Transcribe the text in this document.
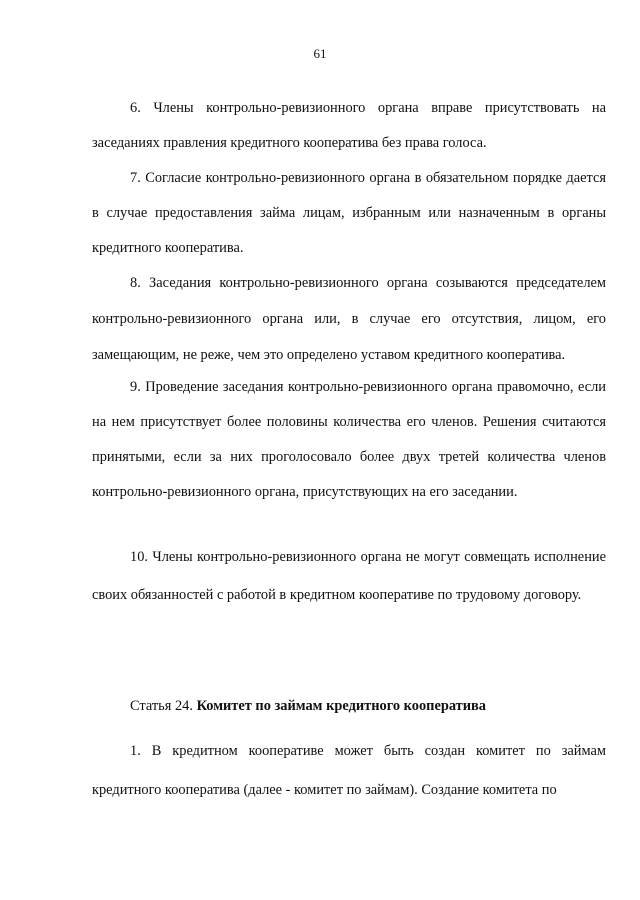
61

6. Члены контрольно-ревизионного органа вправе присутствовать на заседаниях правления кредитного кооператива без права голоса.

7. Согласие контрольно-ревизионного органа в обязательном порядке дается в случае предоставления займа лицам, избранным или назначенным в органы кредитного кооператива.

8. Заседания контрольно-ревизионного органа созываются председателем контрольно-ревизионного органа или, в случае его отсутствия, лицом, его замещающим, не реже, чем это определено уставом кредитного кооператива.

9. Проведение заседания контрольно-ревизионного органа правомочно, если на нем присутствует более половины количества его членов. Решения считаются принятыми, если за них проголосовало более двух третей количества членов контрольно-ревизионного органа, присутствующих на его заседании.

10. Члены контрольно-ревизионного органа не могут совмещать исполнение своих обязанностей с работой в кредитном кооперативе по трудовому договору.

Статья 24. Комитет по займам кредитного кооператива

1. В кредитном кооперативе может быть создан комитет по займам кредитного кооператива (далее - комитет по займам). Создание комитета по
